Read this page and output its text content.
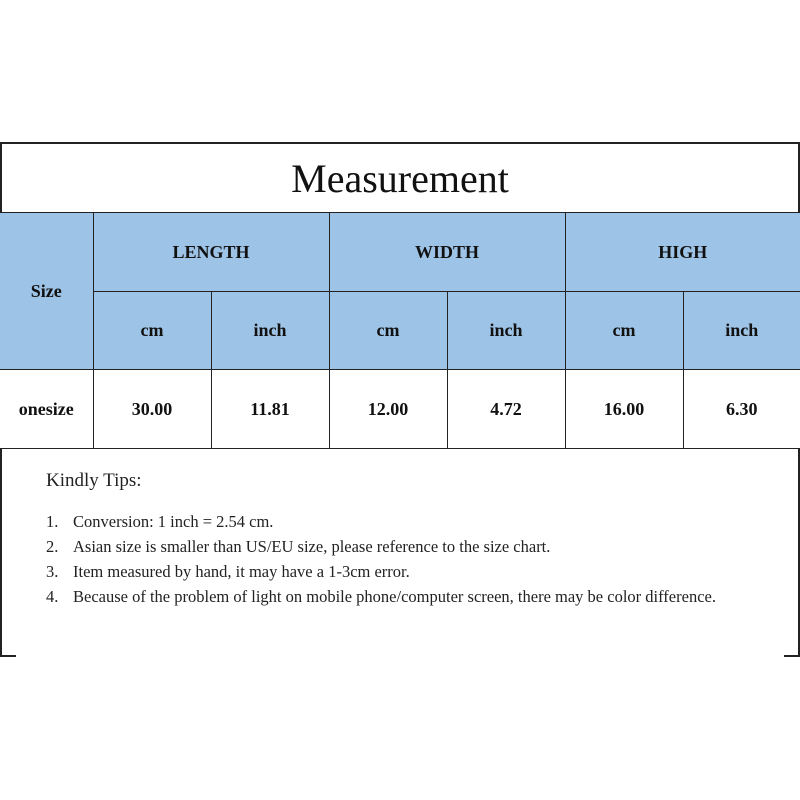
Measurement
Size	LENGTH		WIDTH		HIGH	
	cm	inch	cm	inch	cm	inch
onesize	30.00	11.81	12.00	4.72	16.00	6.30
Kindly Tips:
1. Conversion: 1 inch = 2.54 cm.
2. Asian size is smaller than US/EU size, please reference to the size chart.
3. Item measured by hand, it may have a 1-3cm error.
4. Because of the problem of light on mobile phone/computer screen, there may be color difference.
